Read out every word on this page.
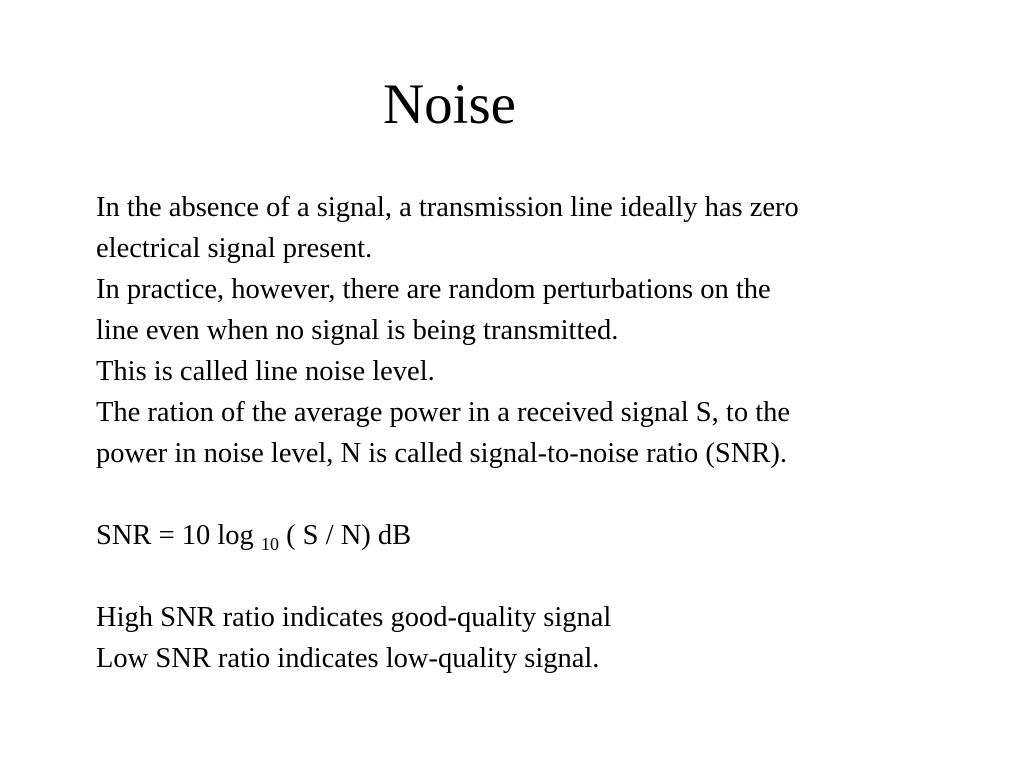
Noise
In the absence of a signal, a transmission line ideally has zero
electrical signal present.
In practice, however, there are random perturbations on the
line even when no signal is being transmitted.
This is called line noise level.
The ration of the average power in a received signal S, to the
power in noise level, N is called signal-to-noise ratio (SNR).
SNR = 10 log $_{10}$ ( S / N) dB
High SNR ratio indicates good-quality signal
Low SNR ratio indicates low-quality signal.
